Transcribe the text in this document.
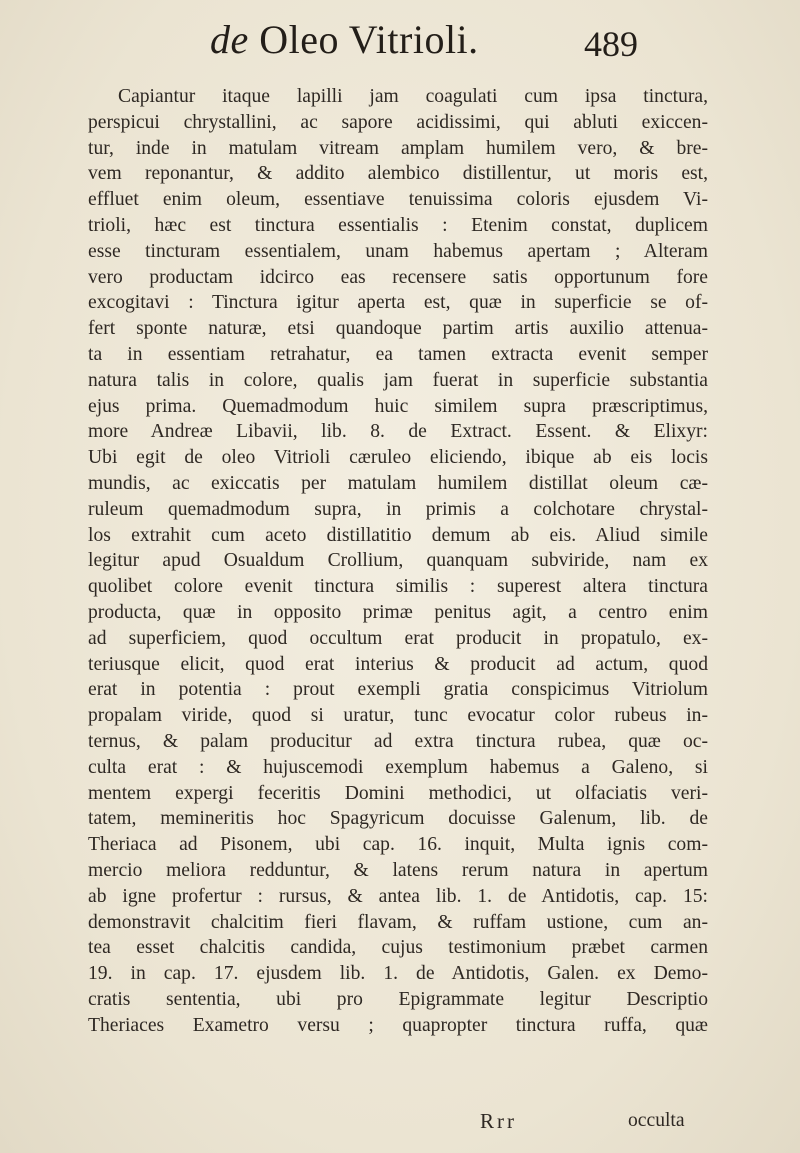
de Oleo Vitrioli.	489
Capiantur itaque lapilli jam coagulati cum ipsa tinctura,
perspicui chrystallini, ac sapore acidissimi, qui abluti exiccen-
tur, inde in matulam vitream amplam humilem vero, & bre-
vem reponantur, & addito alembico distillentur, ut moris est,
effluet enim oleum, essentiave tenuissima coloris ejusdem Vi-
trioli, hæc est tinctura essentialis : Etenim constat, duplicem
esse tincturam essentialem, unam habemus apertam ; Alteram
vero productam idcirco eas recensere satis opportunum fore
excogitavi : Tinctura igitur aperta est, quæ in superficie se of-
fert sponte naturæ, etsi quandoque partim artis auxilio attenua-
ta in essentiam retrahatur, ea tamen extracta evenit semper
natura talis in colore, qualis jam fuerat in superficie substantia
ejus prima. Quemadmodum huic similem supra præscriptimus,
more Andreæ Libavii, lib. 8. de Extract. Essent. & Elixyr:
Ubi egit de oleo Vitrioli cæruleo eliciendo, ibique ab eis locis
mundis, ac exiccatis per matulam humilem distillat oleum cæ-
ruleum quemadmodum supra, in primis a colchotare chrystal-
los extrahit cum aceto distillatitio demum ab eis. Aliud simile
legitur apud Osualdum Crollium, quanquam subviride, nam ex
quolibet colore evenit tinctura similis : superest altera tinctura
producta, quæ in opposito primæ penitus agit, a centro enim
ad superficiem, quod occultum erat producit in propatulo, ex-
teriusque elicit, quod erat interius & producit ad actum, quod
erat in potentia : prout exempli gratia conspicimus Vitriolum
propalam viride, quod si uratur, tunc evocatur color rubeus in-
ternus, & palam producitur ad extra tinctura rubea, quæ oc-
culta erat : & hujuscemodi exemplum habemus a Galeno, si
mentem expergi feceritis Domini methodici, ut olfaciatis veri-
tatem, memineritis hoc Spagyricum docuisse Galenum, lib. de
Theriaca ad Pisonem, ubi cap. 16. inquit, Multa ignis com-
mercio meliora redduntur, & latens rerum natura in apertum
ab igne profertur : rursus, & antea lib. 1. de Antidotis, cap. 15:
demonstravit chalcitim fieri flavam, & ruffam ustione, cum an-
tea esset chalcitis candida, cujus testimonium præbet carmen
19. in cap. 17. ejusdem lib. 1. de Antidotis, Galen. ex Demo-
cratis sententia, ubi pro Epigrammate legitur Descriptio
Theriaces Exametro versu ; quapropter tinctura ruffa, quæ
Rrr	occulta
